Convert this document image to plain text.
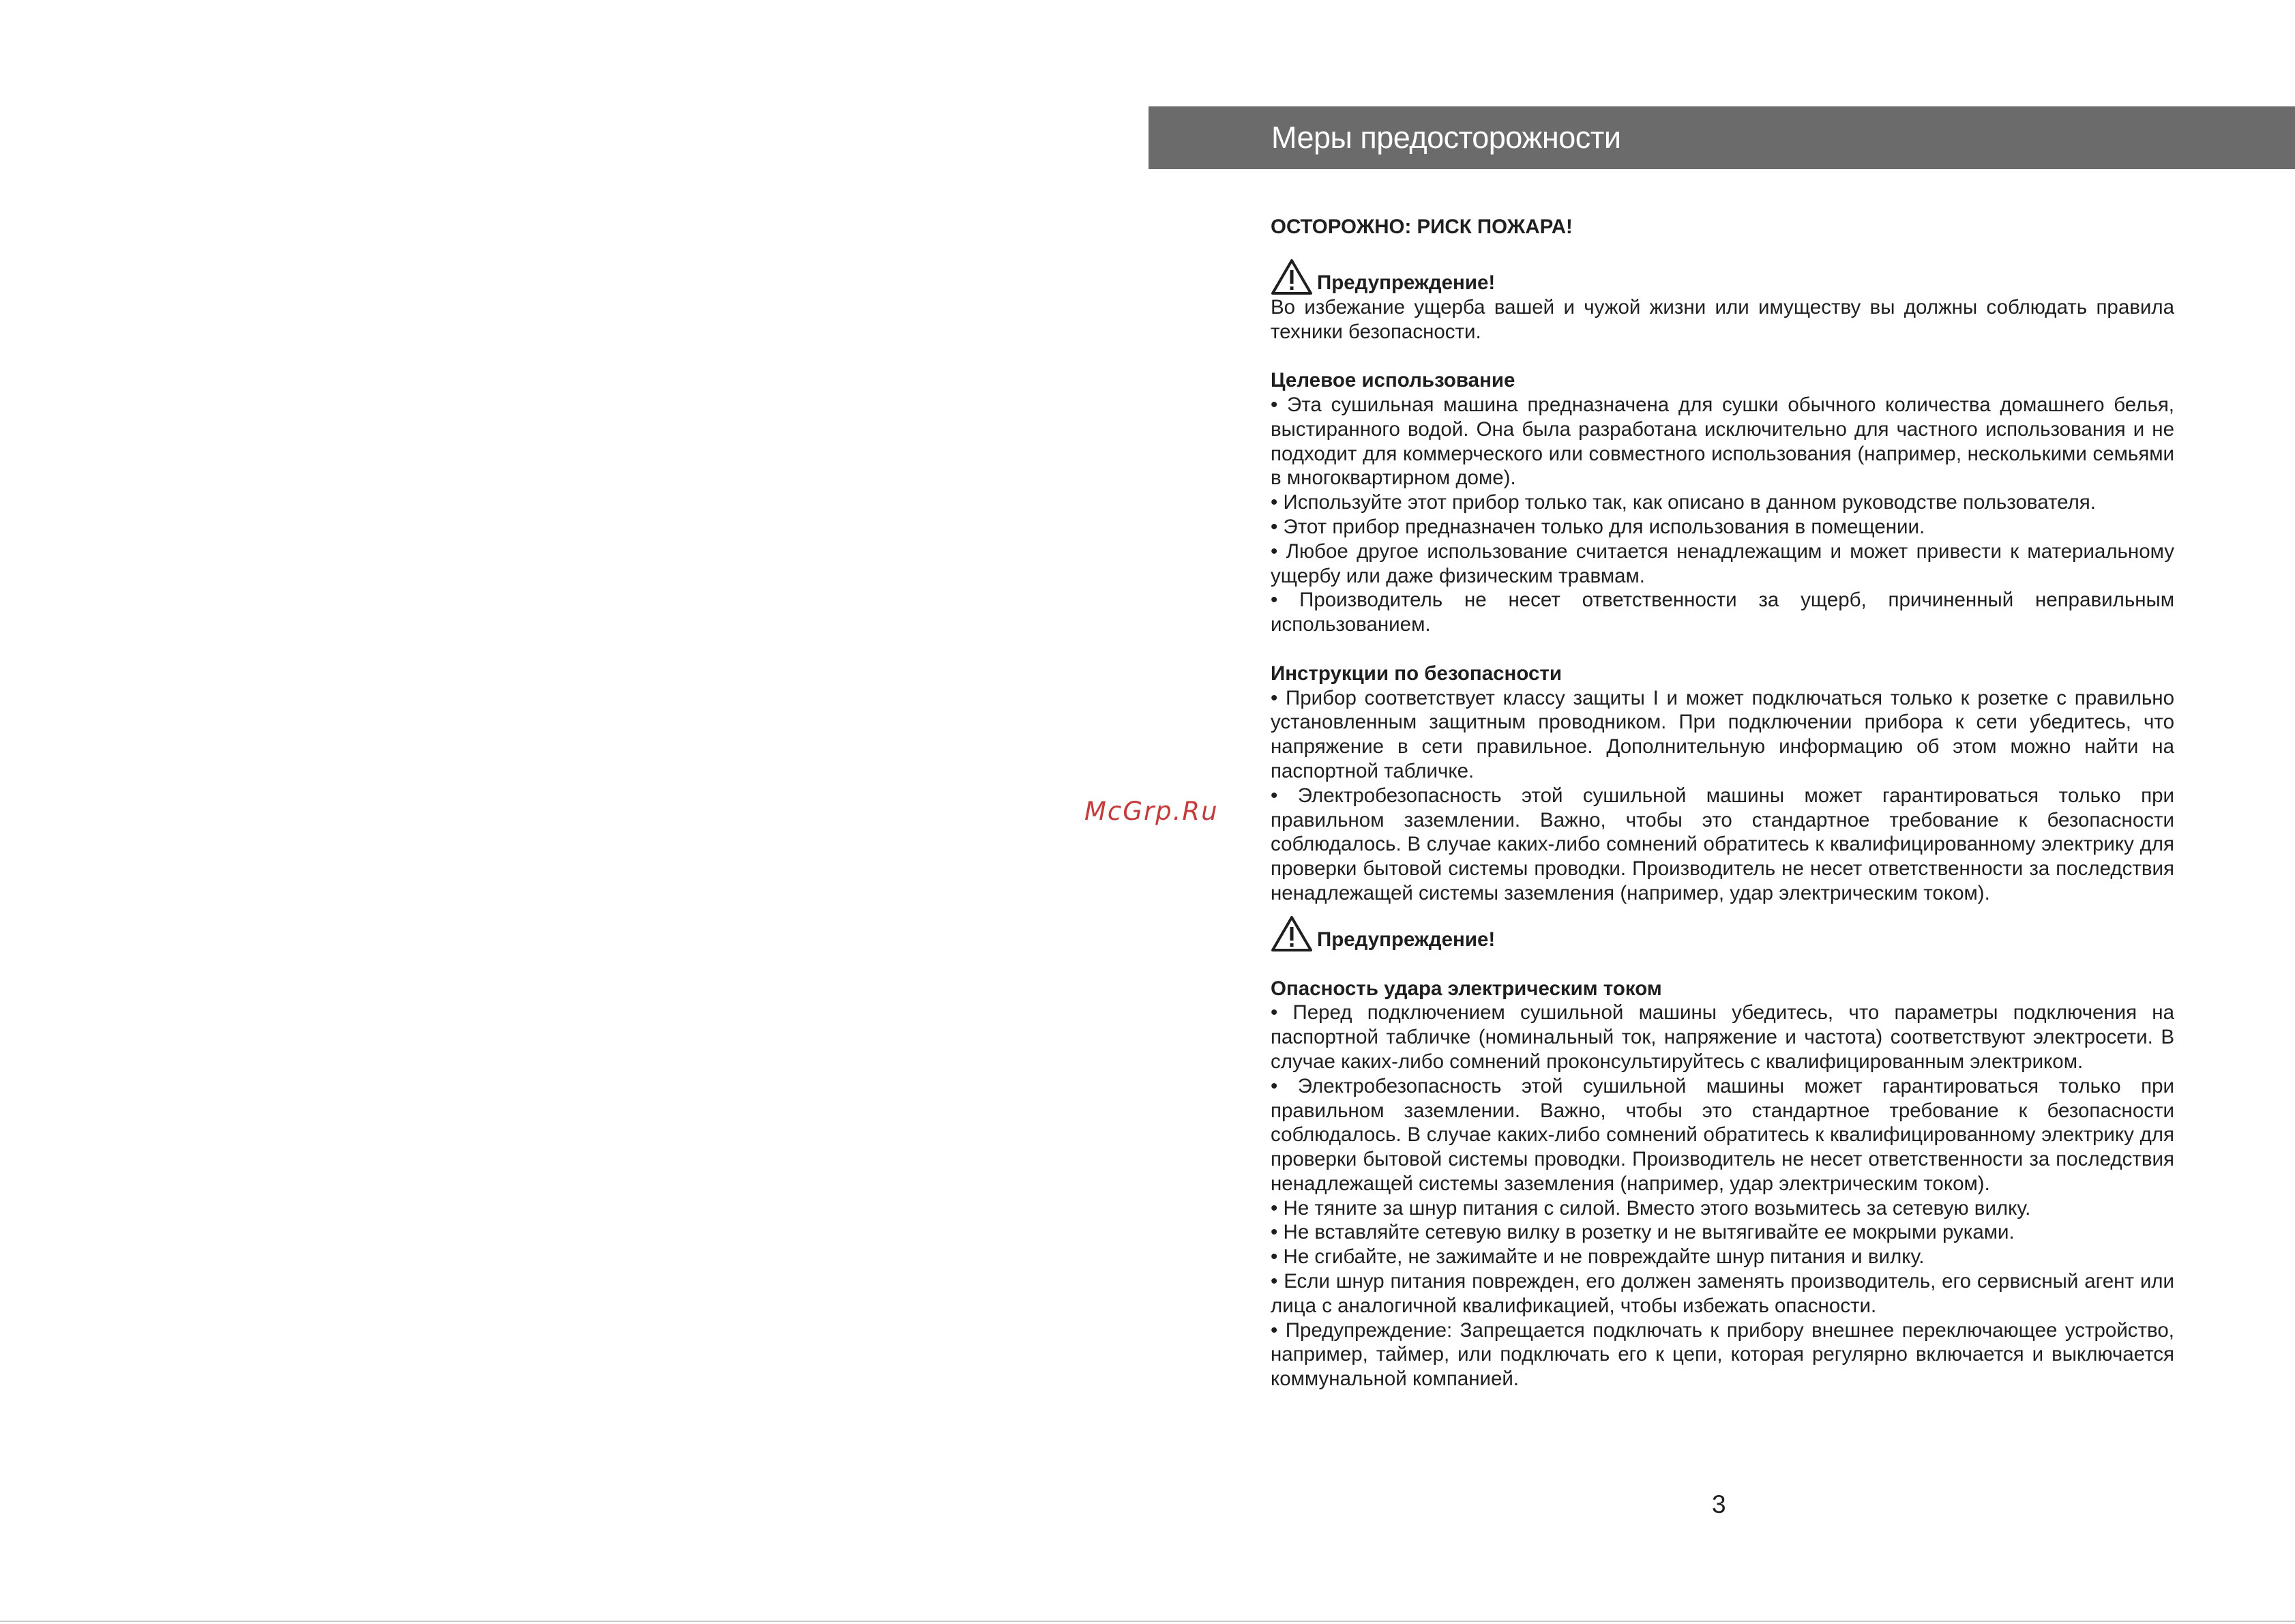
Меры предосторожности
McGrp.Ru

ОСТОРОЖНО: РИСК ПОЖАРА!

Предупреждение!

Во избежание ущерба вашей и чужой жизни или имуществу вы должны соблюдать правила техники безопасности.

Целевое использование

• Эта сушильная машина предназначена для сушки обычного количества домашнего белья, выстиранного водой. Она была разработана исключительно для частного использования и не подходит для коммерческого или совместного использования (например, несколькими семьями в многоквартирном доме).

• Используйте этот прибор только так, как описано в данном руководстве пользователя.

• Этот прибор предназначен только для использования в помещении.

• Любое другое использование считается ненадлежащим и может привести к материальному ущербу или даже физическим травмам.

• Производитель не несет ответственности за ущерб, причиненный неправильным использованием.

Инструкции по безопасности

• Прибор соответствует классу защиты I и может подключаться только к розетке с правильно установленным защитным проводником. При подключении прибора к сети убедитесь, что напряжение в сети правильное. Дополнительную информацию об этом можно найти на паспортной табличке.

• Электробезопасность этой сушильной машины может гарантироваться только при правильном заземлении. Важно, чтобы это стандартное требование к безопасности соблюдалось. В случае каких-либо сомнений обратитесь к квалифицированному электрику для проверки бытовой системы проводки. Производитель не несет ответственности за последствия ненадлежащей системы заземления (например, удар электрическим током).

Предупреждение!

Опасность удара электрическим током

• Перед подключением сушильной машины убедитесь, что параметры подключения на паспортной табличке (номинальный ток, напряжение и частота) соответствуют электросети. В случае каких-либо сомнений проконсультируйтесь с квалифицированным электриком.

• Электробезопасность этой сушильной машины может гарантироваться только при правильном заземлении. Важно, чтобы это стандартное требование к безопасности соблюдалось. В случае каких-либо сомнений обратитесь к квалифицированному электрику для проверки бытовой системы проводки. Производитель не несет ответственности за последствия ненадлежащей системы заземления (например, удар электрическим током).

• Не тяните за шнур питания с силой. Вместо этого возьмитесь за сетевую вилку.

• Не вставляйте сетевую вилку в розетку и не вытягивайте ее мокрыми руками.

• Не сгибайте, не зажимайте и не повреждайте шнур питания и вилку.

• Если шнур питания поврежден, его должен заменять производитель, его сервисный агент или лица с аналогичной квалификацией, чтобы избежать опасности.

• Предупреждение: Запрещается подключать к прибору внешнее переключающее устройство, например, таймер, или подключать его к цепи, которая регулярно включается и выключается коммунальной компанией.

3
